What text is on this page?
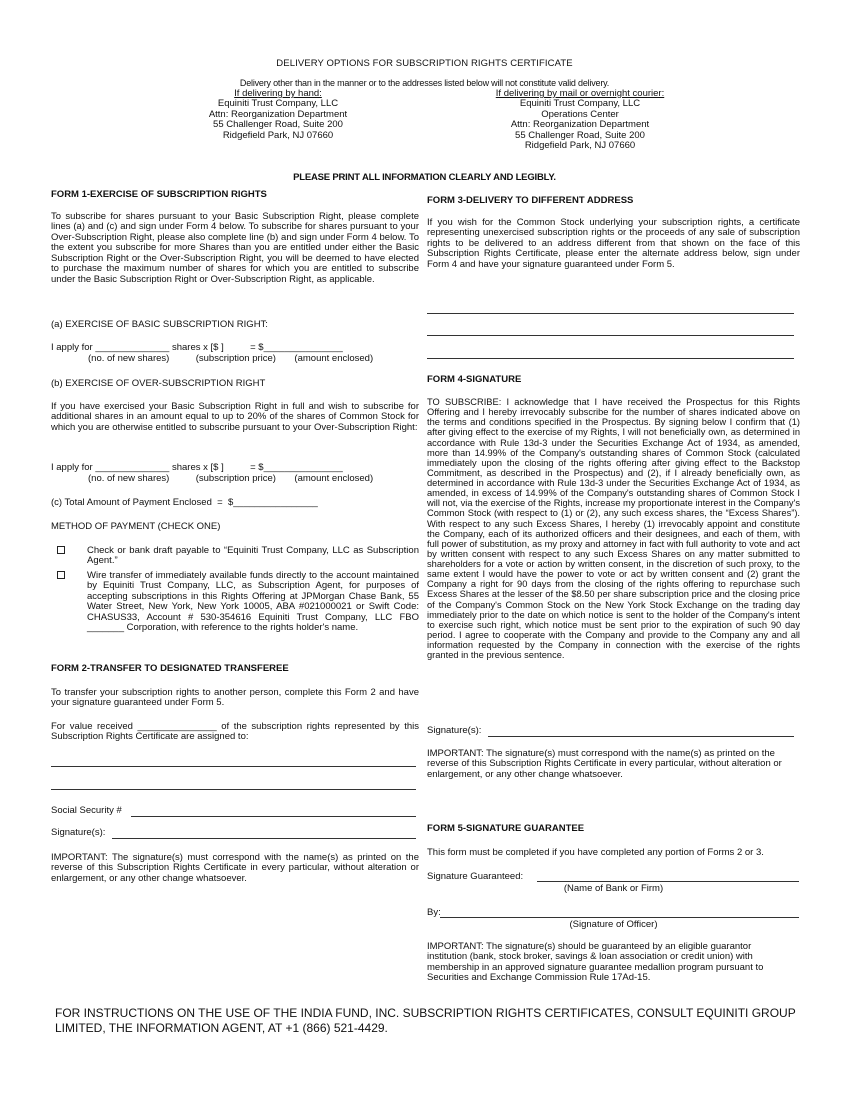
DELIVERY OPTIONS FOR SUBSCRIPTION RIGHTS CERTIFICATE
Delivery other than in the manner or to the addresses listed below will not constitute valid delivery.
If delivering by hand:
Equiniti Trust Company, LLC
Attn: Reorganization Department
55 Challenger Road, Suite 200
Ridgefield Park, NJ 07660
If delivering by mail or overnight courier:
Equiniti Trust Company, LLC
Operations Center
Attn: Reorganization Department
55 Challenger Road, Suite 200
Ridgefield Park, NJ 07660
PLEASE PRINT ALL INFORMATION CLEARLY AND LEGIBLY.
FORM 1-EXERCISE OF SUBSCRIPTION RIGHTS
To subscribe for shares pursuant to your Basic Subscription Right, please complete lines (a) and (c) and sign under Form 4 below. To subscribe for shares pursuant to your Over-Subscription Right, please also complete line (b) and sign under Form 4 below. To the extent you subscribe for more Shares than you are entitled under either the Basic Subscription Right or the Over-Subscription Right, you will be deemed to have elected to purchase the maximum number of shares for which you are entitled to subscribe under the Basic Subscription Right or Over-Subscription Right, as applicable.
(a) EXERCISE OF BASIC SUBSCRIPTION RIGHT:
I apply for ______________ shares x [$ ]          = $_______________
(no. of new shares)          (subscription price)       (amount enclosed)
(b) EXERCISE OF OVER-SUBSCRIPTION RIGHT
If you have exercised your Basic Subscription Right in full and wish to subscribe for additional shares in an amount equal to up to 20% of the shares of Common Stock for which you are otherwise entitled to subscribe pursuant to your Over-Subscription Right:
I apply for ______________ shares x [$ ]          = $_______________
(no. of new shares)          (subscription price)       (amount enclosed)
(c) Total Amount of Payment Enclosed  =  $________________
METHOD OF PAYMENT (CHECK ONE)
Check or bank draft payable to “Equiniti Trust Company, LLC as Subscription Agent.”
Wire transfer of immediately available funds directly to the account maintained by Equiniti Trust Company, LLC, as Subscription Agent, for purposes of accepting subscriptions in this Rights Offering at JPMorgan Chase Bank, 55 Water Street, New York, New York 10005, ABA #021000021 or Swift Code: CHASUS33, Account # 530-354616 Equiniti Trust Company, LLC FBO _______ Corporation, with reference to the rights holder's name.
FORM 2-TRANSFER TO DESIGNATED TRANSFEREE
To transfer your subscription rights to another person, complete this Form 2 and have your signature guaranteed under Form 5.
For value received _______________ of the subscription rights represented by this Subscription Rights Certificate are assigned to:
Social Security #
Signature(s):
IMPORTANT: The signature(s) must correspond with the name(s) as printed on the reverse of this Subscription Rights Certificate in every particular, without alteration or enlargement, or any other change whatsoever.
FORM 3-DELIVERY TO DIFFERENT ADDRESS
If you wish for the Common Stock underlying your subscription rights, a certificate representing unexercised subscription rights or the proceeds of any sale of subscription rights to be delivered to an address different from that shown on the face of this Subscription Rights Certificate, please enter the alternate address below, sign under Form 4 and have your signature guaranteed under Form 5.
FORM 4-SIGNATURE
TO SUBSCRIBE: I acknowledge that I have received the Prospectus for this Rights Offering and I hereby irrevocably subscribe for the number of shares indicated above on the terms and conditions specified in the Prospectus. By signing below I confirm that (1) after giving effect to the exercise of my Rights, I will not beneficially own, as determined in accordance with Rule 13d-3 under the Securities Exchange Act of 1934, as amended, more than 14.99% of the Company's outstanding shares of Common Stock (calculated immediately upon the closing of the rights offering after giving effect to the Backstop Commitment, as described in the Prospectus) and (2), if I already beneficially own, as determined in accordance with Rule 13d-3 under the Securities Exchange Act of 1934, as amended, in excess of 14.99% of the Company's outstanding shares of Common Stock I will not, via the exercise of the Rights, increase my proportionate interest in the Company's Common Stock (with respect to (1) or (2), any such excess shares, the “Excess Shares”). With respect to any such Excess Shares, I hereby (1) irrevocably appoint and constitute the Company, each of its authorized officers and their designees, and each of them, with full power of substitution, as my proxy and attorney in fact with full authority to vote and act by written consent with respect to any such Excess Shares on any matter submitted to shareholders for a vote or action by written consent, in the discretion of such proxy, to the same extent I would have the power to vote or act by written consent and (2) grant the Company a right for 90 days from the closing of the rights offering to repurchase such Excess Shares at the lesser of the $8.50 per share subscription price and the closing price of the Company's Common Stock on the New York Stock Exchange on the trading day immediately prior to the date on which notice is sent to the holder of the Company's intent to exercise such right, which notice must be sent prior to the expiration of such 90 day period. I agree to cooperate with the Company and provide to the Company any and all information requested by the Company in connection with the exercise of the rights granted in the previous sentence.
Signature(s):
IMPORTANT: The signature(s) must correspond with the name(s) as printed on the reverse of this Subscription Rights Certificate in every particular, without alteration or enlargement, or any other change whatsoever.
FORM 5-SIGNATURE GUARANTEE
This form must be completed if you have completed any portion of Forms 2 or 3.
Signature Guaranteed:
(Name of Bank or Firm)
By:
(Signature of Officer)
IMPORTANT: The signature(s) should be guaranteed by an eligible guarantor institution (bank, stock broker, savings & loan association or credit union) with membership in an approved signature guarantee medallion program pursuant to Securities and Exchange Commission Rule 17Ad-15.
FOR INSTRUCTIONS ON THE USE OF THE INDIA FUND, INC. SUBSCRIPTION RIGHTS CERTIFICATES, CONSULT EQUINITI GROUP LIMITED, THE INFORMATION AGENT, AT +1 (866) 521-4429.
